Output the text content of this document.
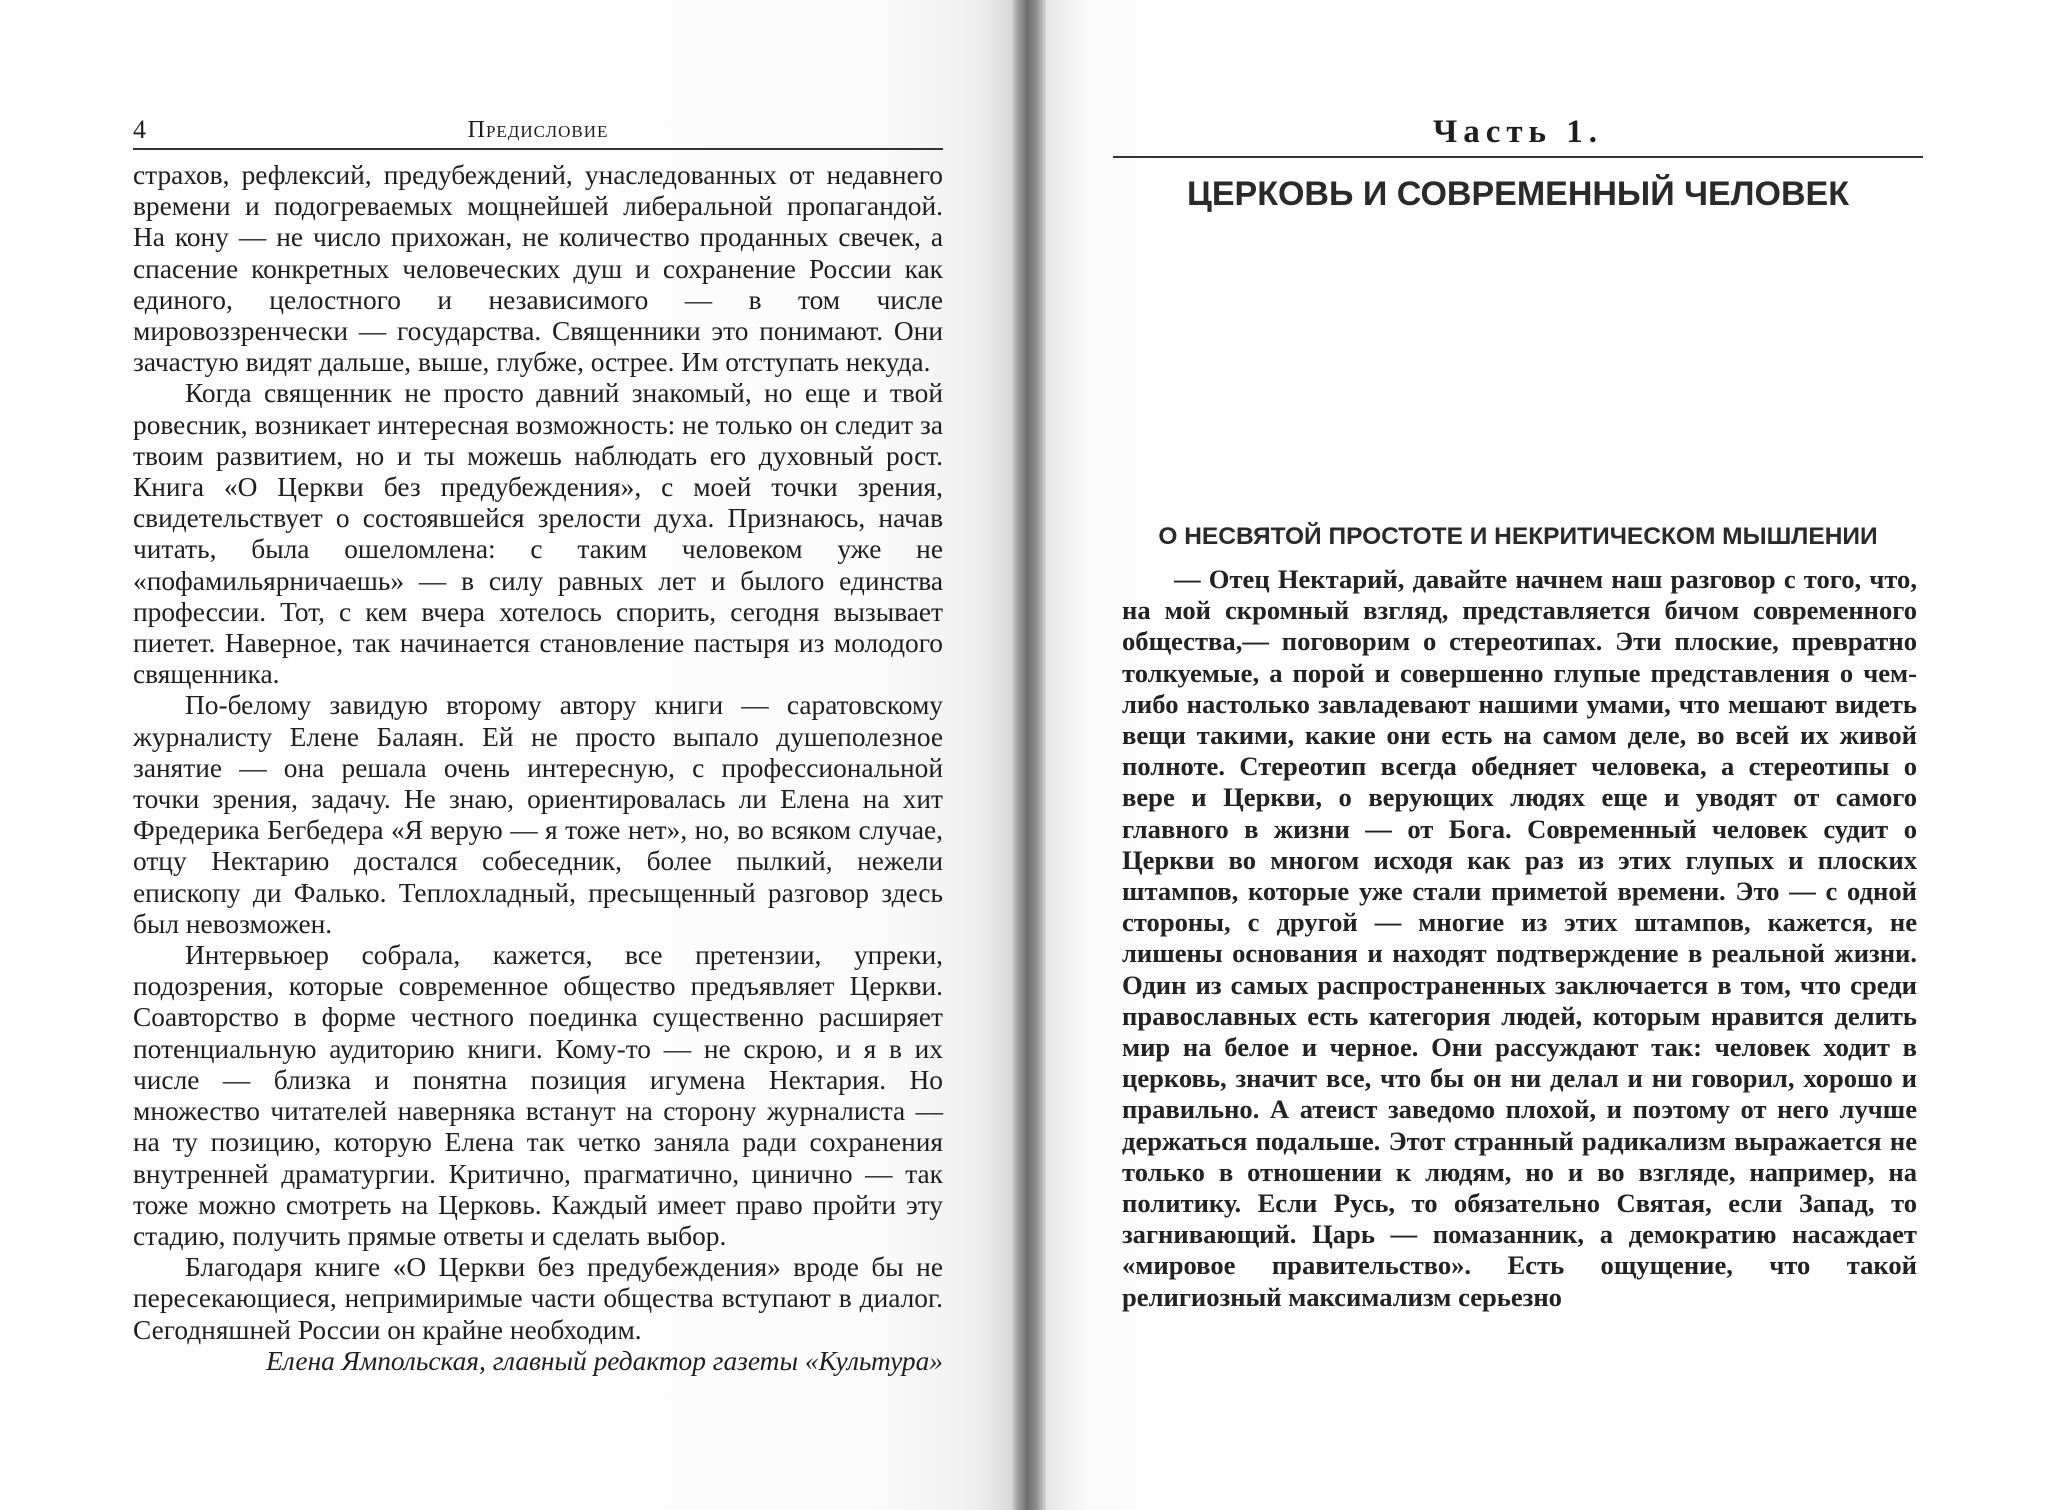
4	Предисловие

страхов, рефлексий, предубеждений, унаследованных от недавнего времени и подогреваемых мощнейшей либеральной пропагандой. На кону — не число прихожан, не количество проданных свечек, а спасение конкретных человеческих душ и сохранение России как единого, целостного и независимого — в том числе мировоззренчески — государства. Священники это понимают. Они зачастую видят дальше, выше, глубже, острее. Им отступать некуда.

Когда священник не просто давний знакомый, но еще и твой ровесник, возникает интересная возможность: не только он следит за твоим развитием, но и ты можешь наблюдать его духовный рост. Книга «О Церкви без предубеждения», с моей точки зрения, свидетельствует о состоявшейся зрелости духа. Признаюсь, начав читать, была ошеломлена: с таким человеком уже не «пофамильярничаешь» — в силу равных лет и былого единства профессии. Тот, с кем вчера хотелось спорить, сегодня вызывает пиетет. Наверное, так начинается становление пастыря из молодого священника.

По-белому завидую второму автору книги — саратовскому журналисту Елене Балаян. Ей не просто выпало душеполезное занятие — она решала очень интересную, с профессиональной точки зрения, задачу. Не знаю, ориентировалась ли Елена на хит Фредерика Бегбедера «Я верую — я тоже нет», но, во всяком случае, отцу Нектарию достался собеседник, более пылкий, нежели епископу ди Фалько. Теплохладный, пресыщенный разговор здесь был невозможен.

Интервьюер собрала, кажется, все претензии, упреки, подозрения, которые современное общество предъявляет Церкви. Соавторство в форме честного поединка существенно расширяет потенциальную аудиторию книги. Кому-то — не скрою, и я в их числе — близка и понятна позиция игумена Нектария. Но множество читателей наверняка встанут на сторону журналиста — на ту позицию, которую Елена так четко заняла ради сохранения внутренней драматургии. Критично, прагматично, цинично — так тоже можно смотреть на Церковь. Каждый имеет право пройти эту стадию, получить прямые ответы и сделать выбор.

Благодаря книге «О Церкви без предубеждения» вроде бы не пересекающиеся, непримиримые части общества вступают в диалог. Сегодняшней России он крайне необходим.

Елена Ямпольская, главный редактор газеты «Культура»

Часть 1.
ЦЕРКОВЬ И СОВРЕМЕННЫЙ ЧЕЛОВЕК
О НЕСВЯТОЙ ПРОСТОТЕ И НЕКРИТИЧЕСКОМ МЫШЛЕНИИ

— Отец Нектарий, давайте начнем наш разговор с того, что, на мой скромный взгляд, представляется бичом современного общества,— поговорим о стереотипах. Эти плоские, превратно толкуемые, а порой и совершенно глупые представления о чем-либо настолько завладевают нашими умами, что мешают видеть вещи такими, какие они есть на самом деле, во всей их живой полноте. Стереотип всегда обедняет человека, а стереотипы о вере и Церкви, о верующих людях еще и уводят от самого главного в жизни — от Бога. Современный человек судит о Церкви во многом исходя как раз из этих глупых и плоских штампов, которые уже стали приметой времени. Это — с одной стороны, с другой — многие из этих штампов, кажется, не лишены основания и находят подтверждение в реальной жизни. Один из самых распространенных заключается в том, что среди православных есть категория людей, которым нравится делить мир на белое и черное. Они рассуждают так: человек ходит в церковь, значит все, что бы он ни делал и ни говорил, хорошо и правильно. А атеист заведомо плохой, и поэтому от него лучше держаться подальше. Этот странный радикализм выражается не только в отношении к людям, но и во взгляде, например, на политику. Если Русь, то обязательно Святая, если Запад, то загнивающий. Царь — помазанник, а демократию насаждает «мировое правительство». Есть ощущение, что такой религиозный максимализм серьезно
